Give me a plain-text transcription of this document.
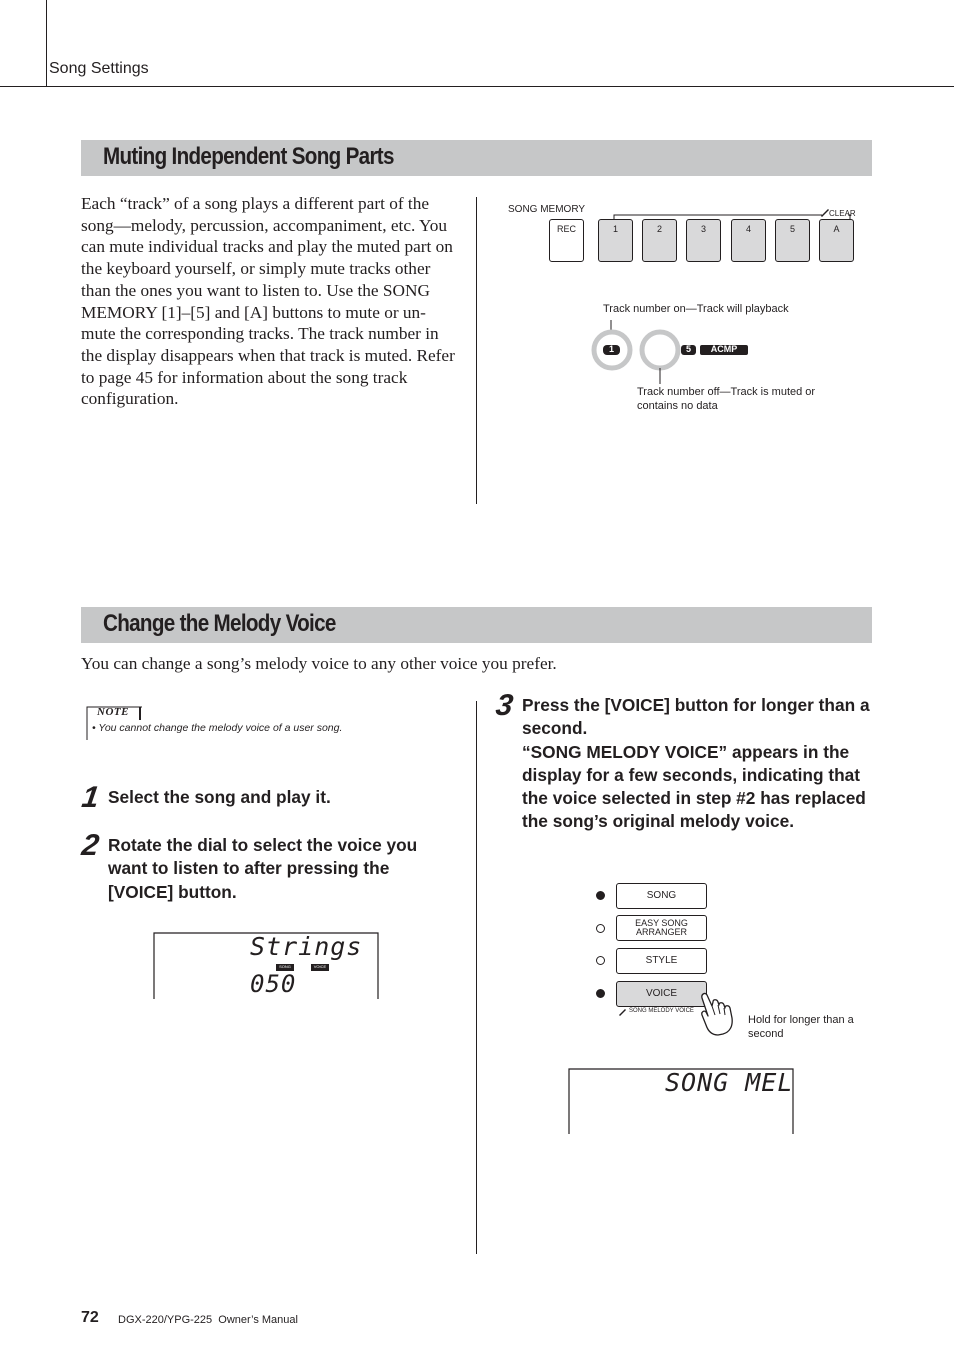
Song Settings
Muting Independent Song Parts
Each “track” of a song plays a different part of the song—melody, percussion, accompaniment, etc. You can mute individual tracks and play the muted part on the keyboard yourself, or simply mute tracks other than the ones you want to listen to. Use the SONG MEMORY [1]–[5] and [A] buttons to mute or un-mute the corresponding tracks. The track number in the display disappears when that track is muted. Refer to page 45 for information about the song track configuration.
SONG MEMORY	CLEAR
REC	1	2	3	4	5	A
Track number on—Track will playback
1	5	ACMP
Track number off—Track is muted or contains no data
Change the Melody Voice
You can change a song’s melody voice to any other voice you prefer.
NOTE
• You cannot change the melody voice of a user song.
1 Select the song and play it.
2 Rotate the dial to select the voice you want to listen to after pressing the [VOICE] button.
Strings
SONG	VOICE
050
3 Press the [VOICE] button for longer than a second.
“SONG MELODY VOICE” appears in the display for a few seconds, indicating that the voice selected in step #2 has replaced the song’s original melody voice.
SONG
EASY SONG
ARRANGER
STYLE
VOICE
SONG MELODY VOICE
Hold for longer than a second
SONG MEL
72 DGX-220/YPG-225  Owner’s Manual
